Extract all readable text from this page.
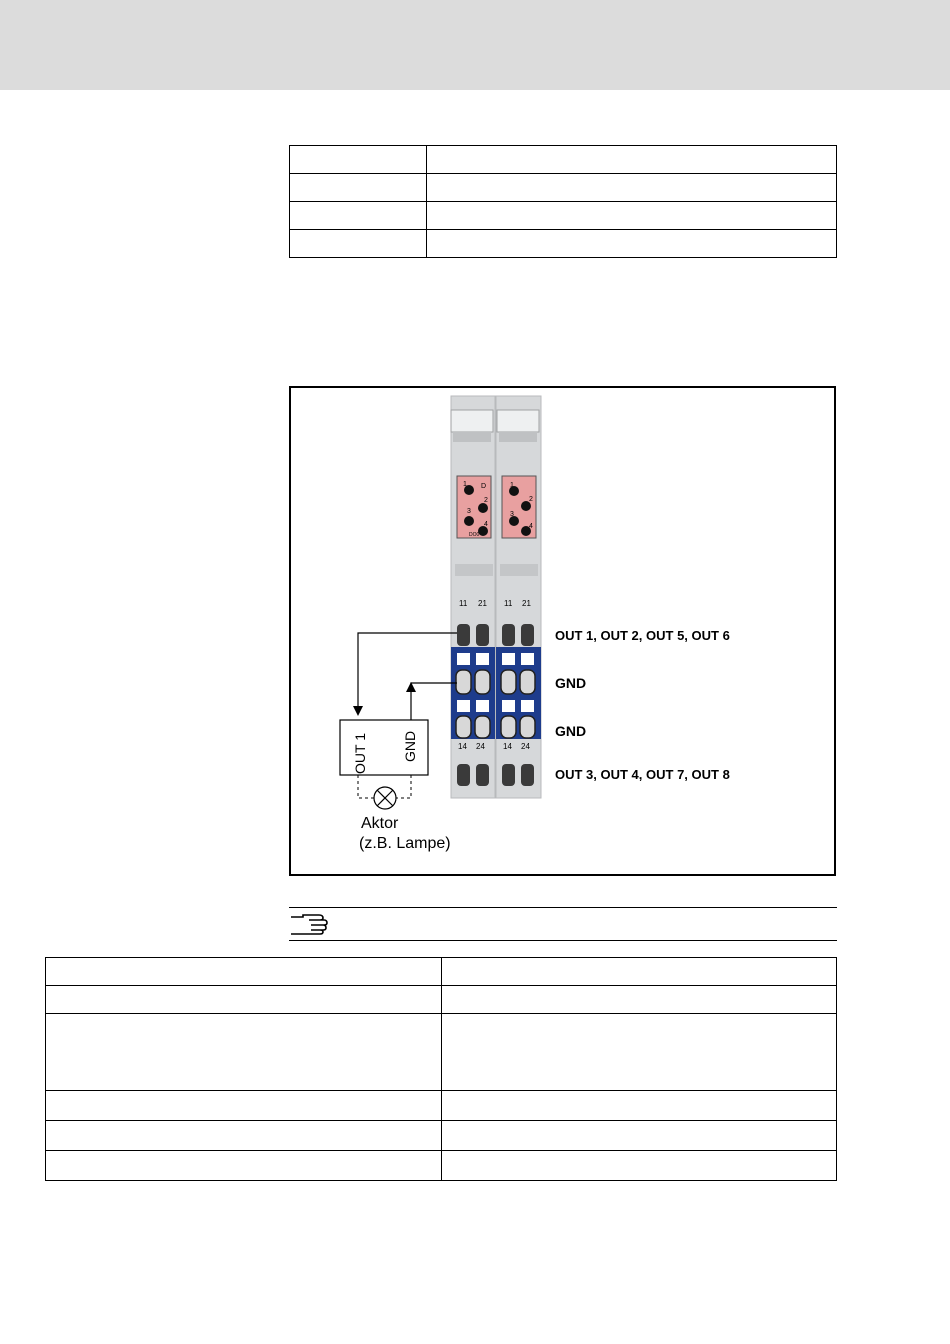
D
1
2
3
4
DO0
1
2
3
4
11 21 11 21
14 24 14 24
OUT 1, OUT 2, OUT 5, OUT 6
GND
GND
OUT 3, OUT 4, OUT 7, OUT 8
OUT 1 GND
Aktor
(z.B. Lampe)
